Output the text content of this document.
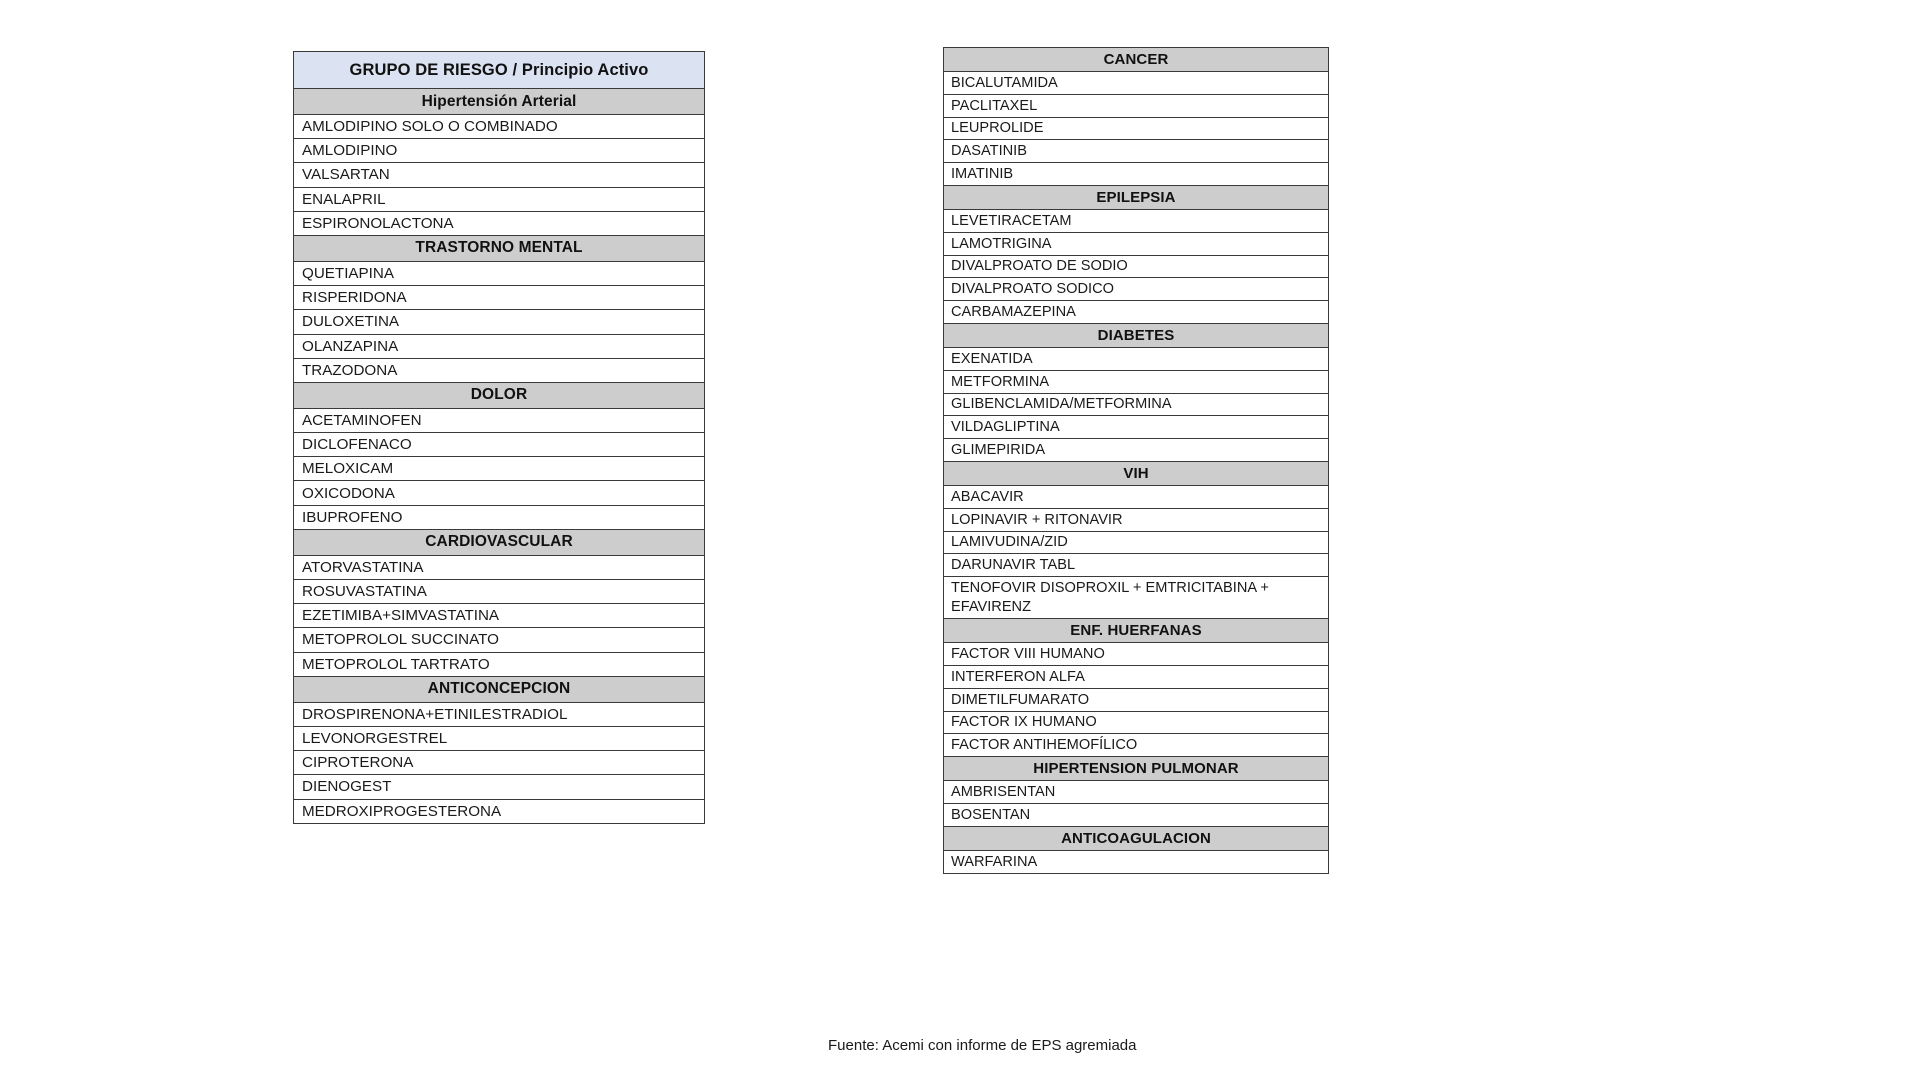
GRUPO DE RIESGO / Principio Activo
Hipertensión Arterial
AMLODIPINO SOLO O COMBINADO
AMLODIPINO
VALSARTAN
ENALAPRIL
ESPIRONOLACTONA
TRASTORNO MENTAL
QUETIAPINA
RISPERIDONA
DULOXETINA
OLANZAPINA
TRAZODONA
DOLOR
ACETAMINOFEN
DICLOFENACO
MELOXICAM
OXICODONA
IBUPROFENO
CARDIOVASCULAR
ATORVASTATINA
ROSUVASTATINA
EZETIMIBA+SIMVASTATINA
METOPROLOL SUCCINATO
METOPROLOL TARTRATO
ANTICONCEPCION
DROSPIRENONA+ETINILESTRADIOL
LEVONORGESTREL
CIPROTERONA
DIENOGEST
MEDROXIPROGESTERONA
CANCER
BICALUTAMIDA
PACLITAXEL
LEUPROLIDE
DASATINIB
IMATINIB
EPILEPSIA
LEVETIRACETAM
LAMOTRIGINA
DIVALPROATO DE SODIO
DIVALPROATO SODICO
CARBAMAZEPINA
DIABETES
EXENATIDA
METFORMINA
GLIBENCLAMIDA/METFORMINA
VILDAGLIPTINA
GLIMEPIRIDA
VIH
ABACAVIR
LOPINAVIR + RITONAVIR
LAMIVUDINA/ZID
DARUNAVIR TABL
TENOFOVIR DISOPROXIL + EMTRICITABINA + EFAVIRENZ
ENF. HUERFANAS
FACTOR VIII HUMANO
INTERFERON ALFA
DIMETILFUMARATO
FACTOR IX HUMANO
FACTOR ANTIHEMOFÍLICO
HIPERTENSION PULMONAR
AMBRISENTAN
BOSENTAN
ANTICOAGULACION
WARFARINA
Fuente: Acemi con informe de EPS agremiada
